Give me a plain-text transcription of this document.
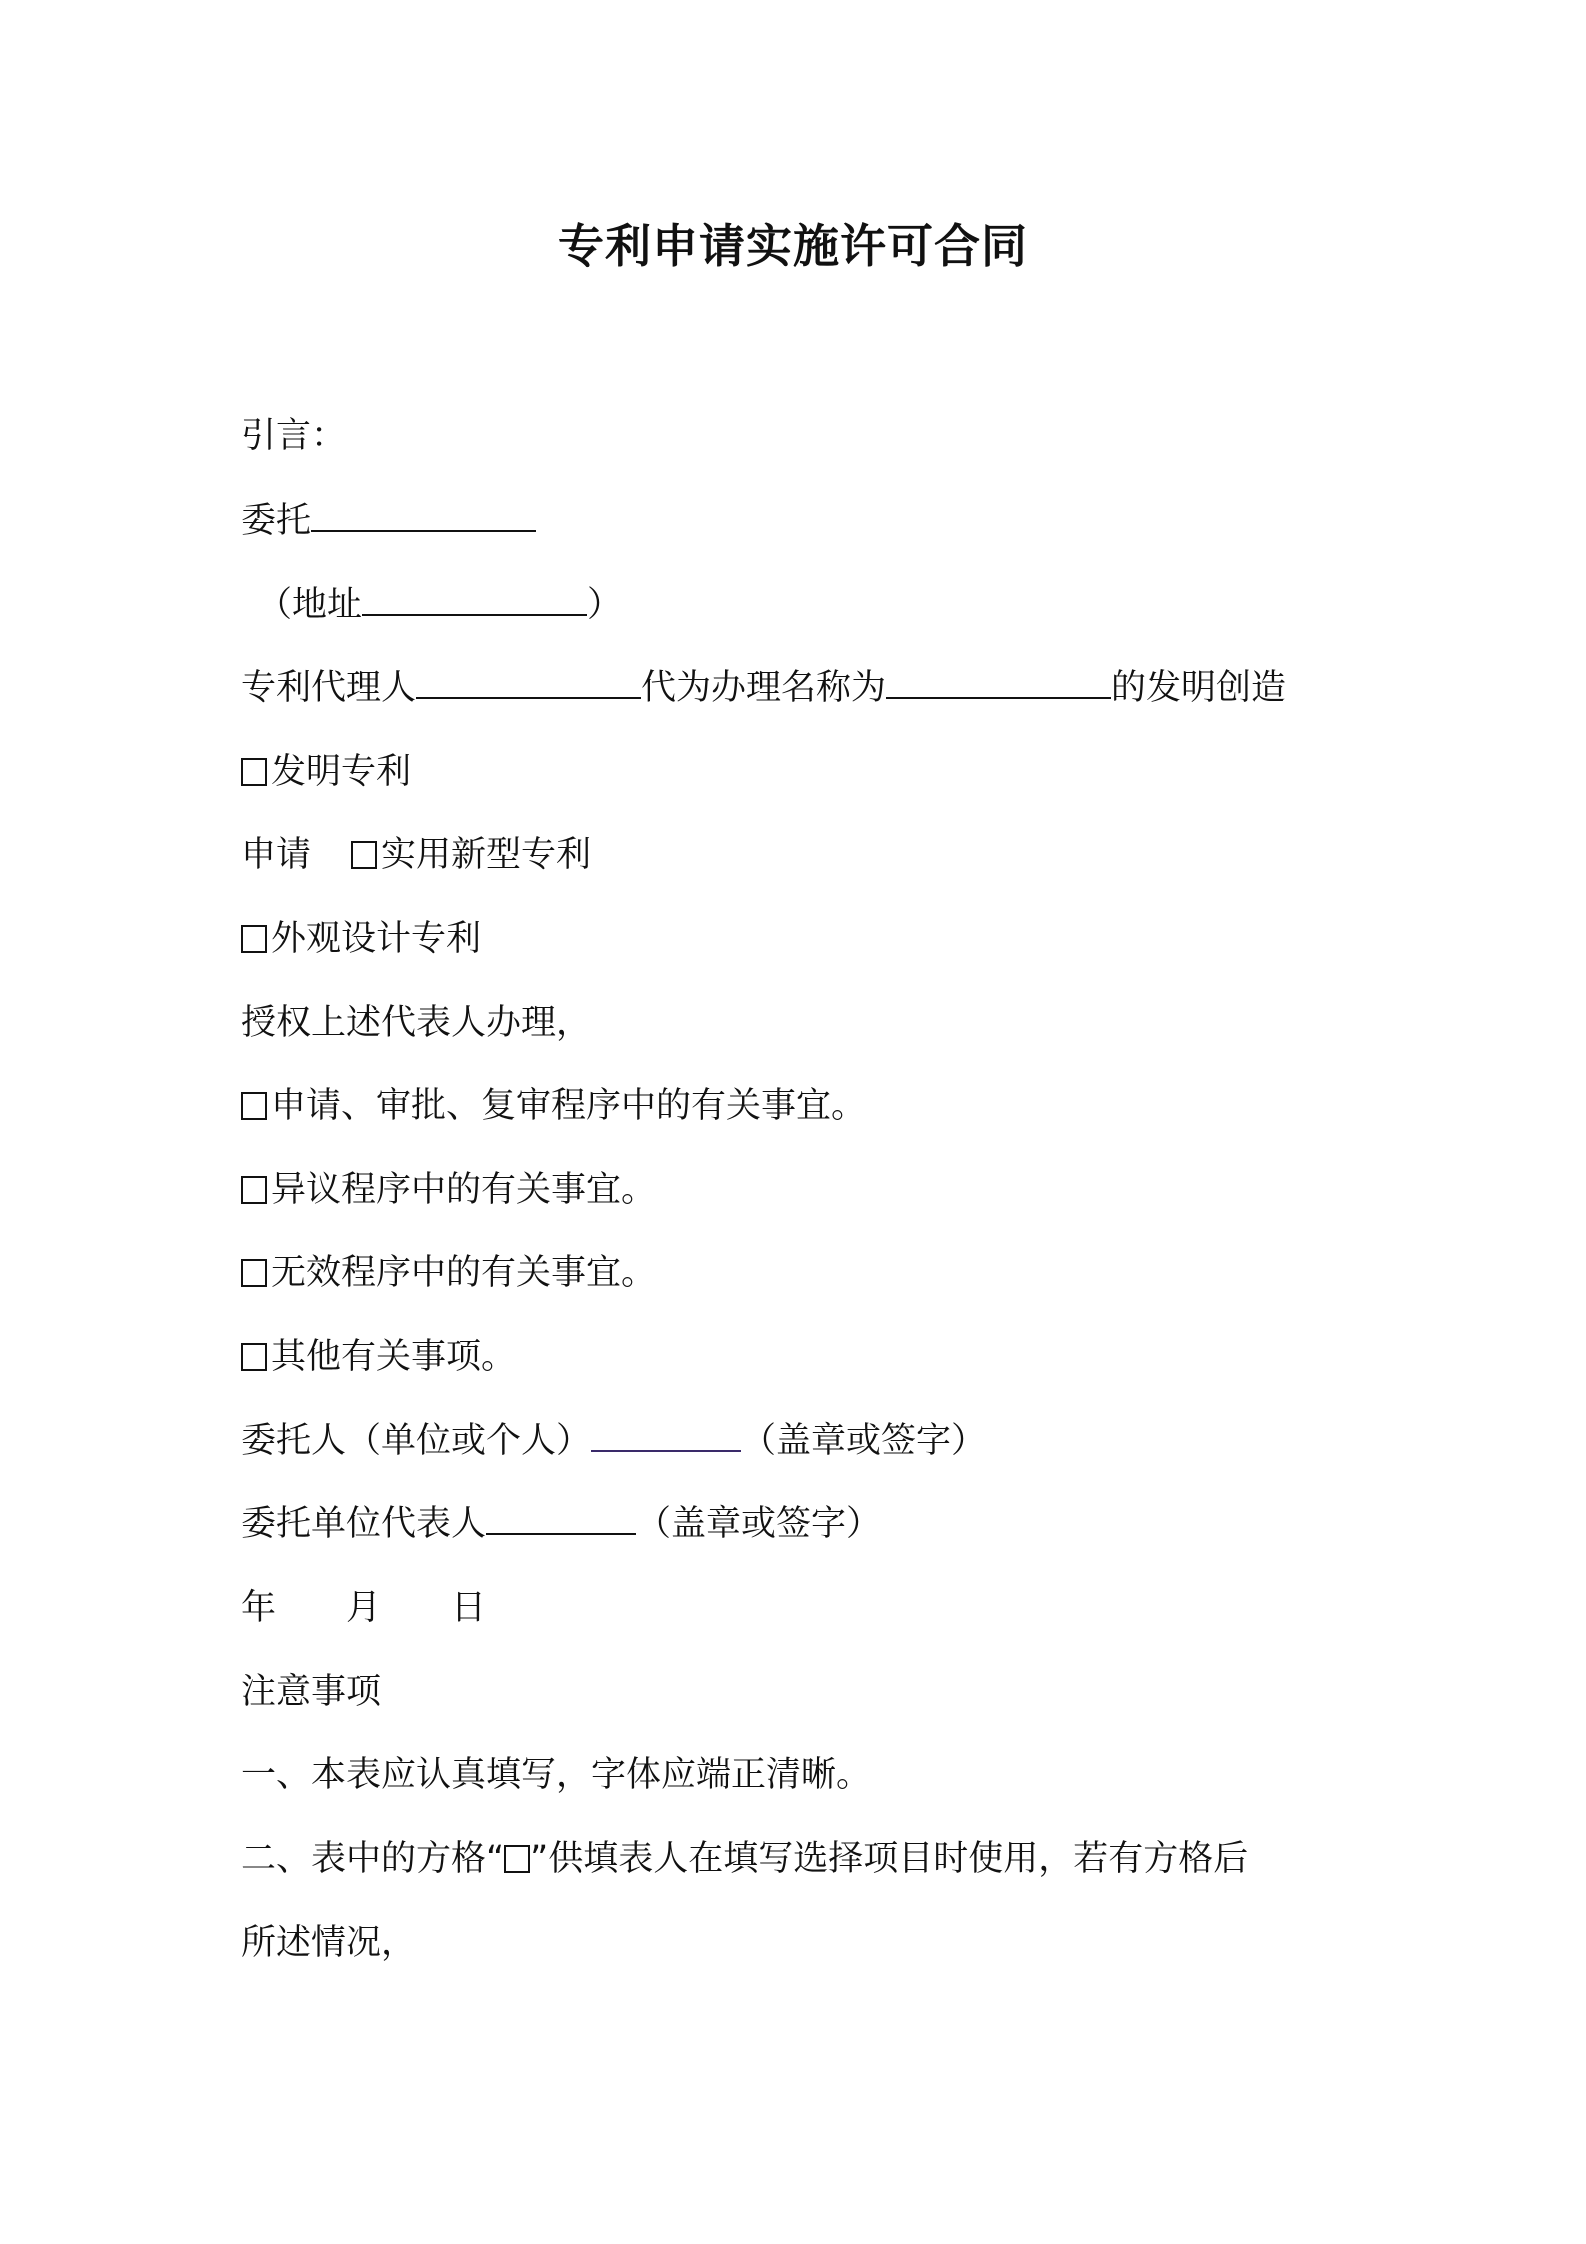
专利申请实施许可合同
引言：
委托
（地址	）
专利代理人	代为办理名称为	的发明创造
发明专利
申请 实用新型专利
外观设计专利
授权上述代表人办理，
申请、审批、复审程序中的有关事宜。
异议程序中的有关事宜。
无效程序中的有关事宜。
其他有关事项。
委托人（单位或个人）	（盖章或签字）
委托单位代表人	（盖章或签字）
年 月 日
注意事项
一、本表应认真填写，字体应端正清晰。
二、表中的方格“ ”供填表人在填写选择项目时使用，若有方格后
所述情况，
